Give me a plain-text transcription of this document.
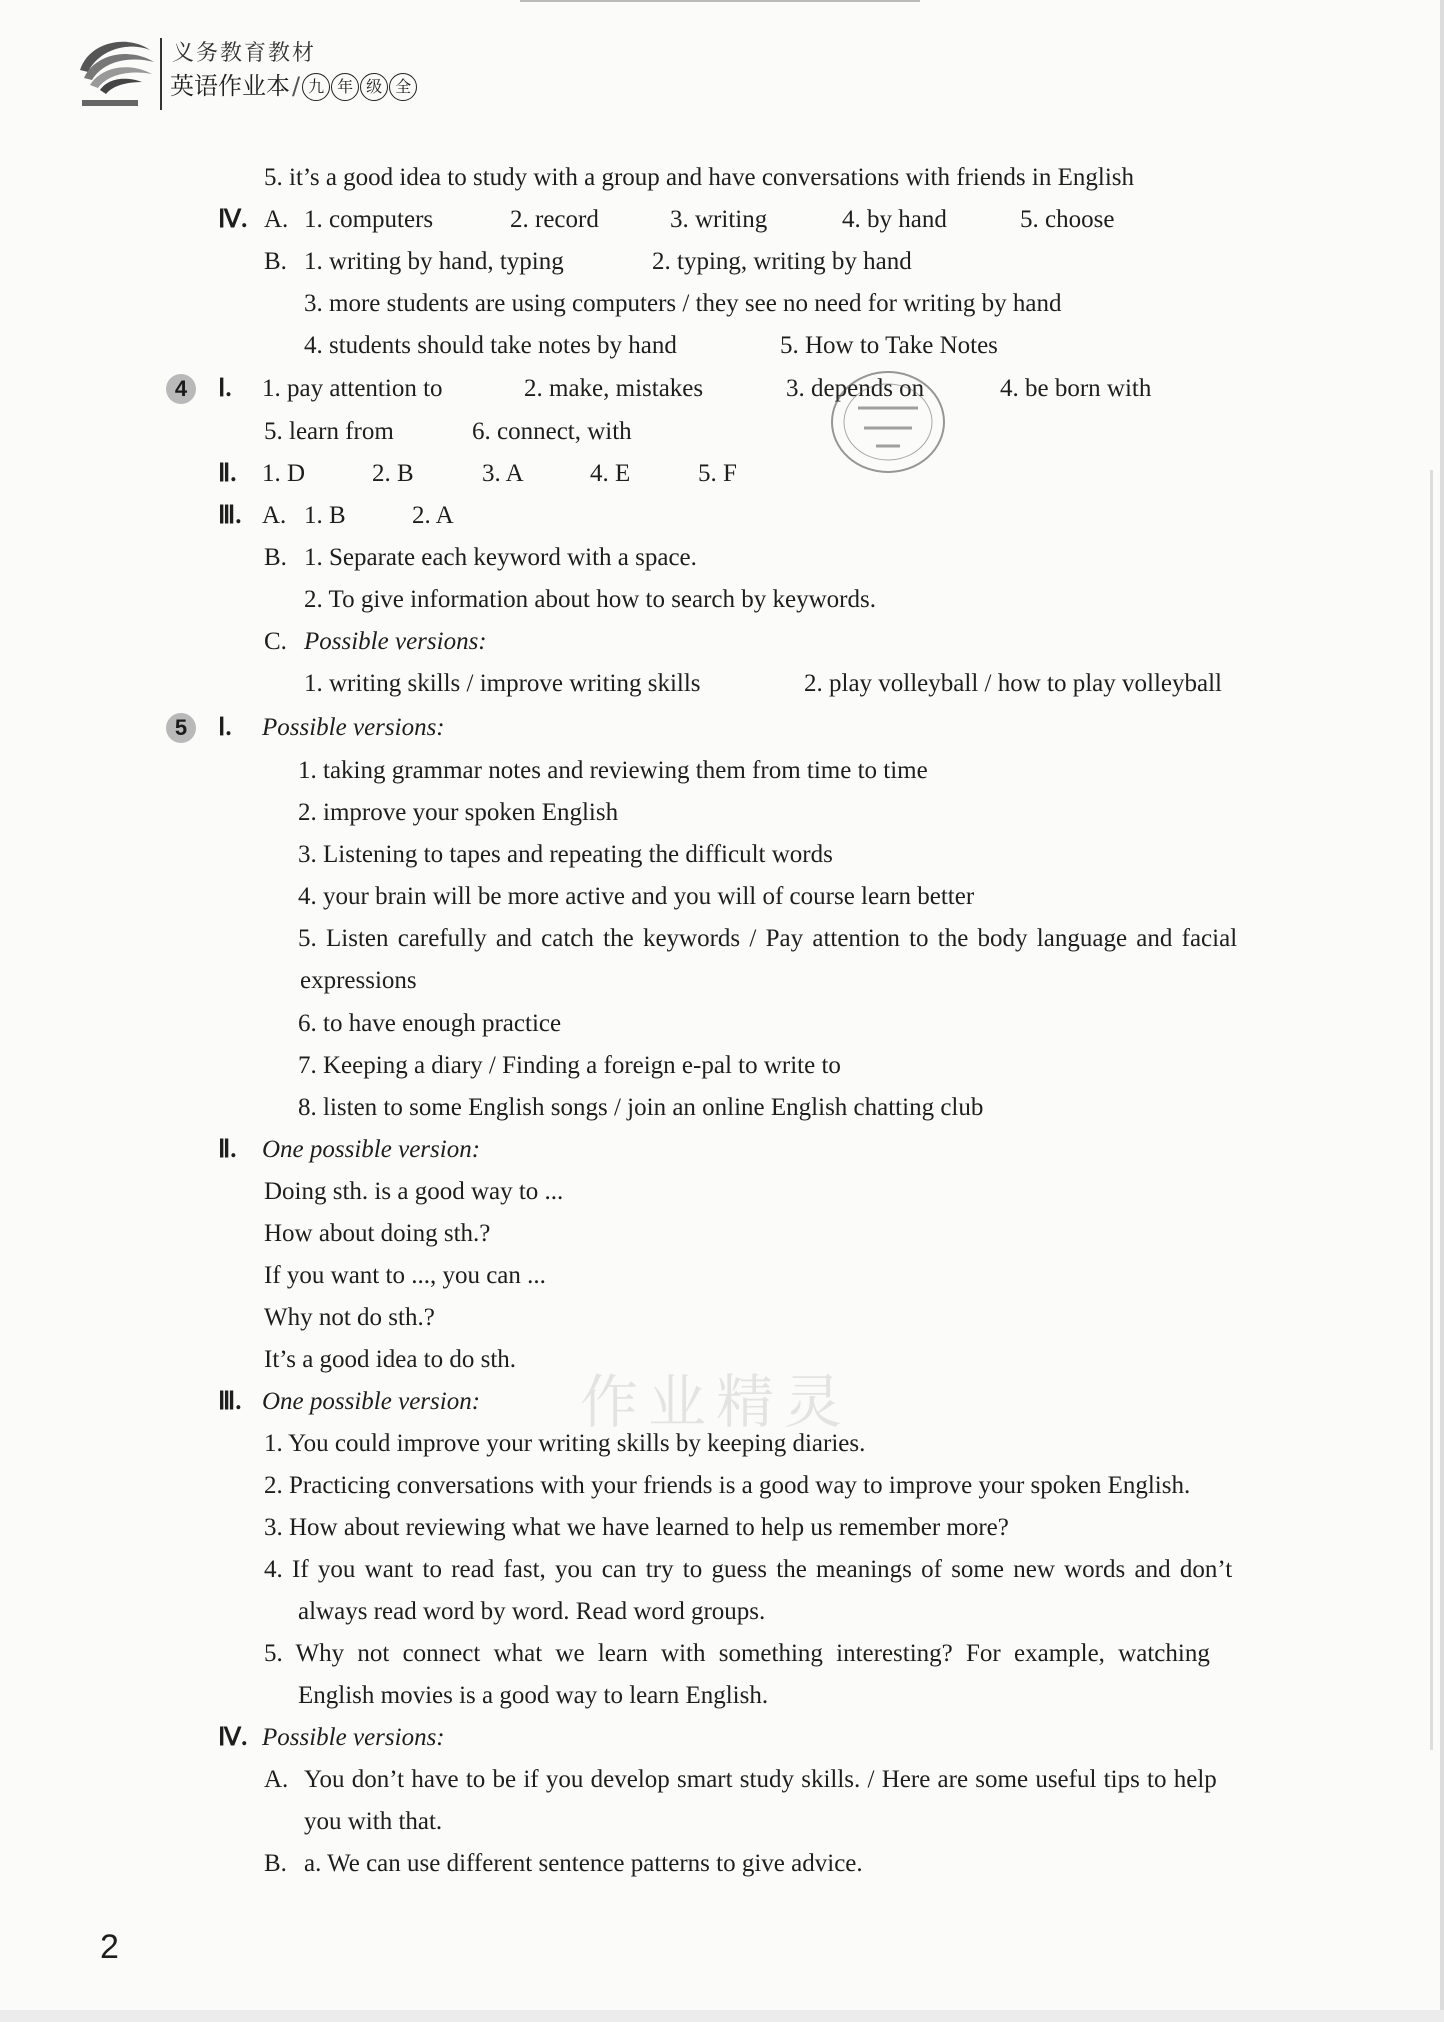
义务教育教材
英语作业本/ 九 年 级 全
5. it’s a good idea to study with a group and have conversations with friends in English
Ⅳ. A. 1. computers	2. record	3. writing	4. by hand	5. choose
B. 1. writing by hand, typing	2. typing, writing by hand
3. more students are using computers / they see no need for writing by hand
4. students should take notes by hand	5. How to Take Notes
4	Ⅰ. 1. pay attention to	2. make, mistakes	3. depends on	4. be born with
5. learn from	6. connect, with
Ⅱ. 1. D	2. B	3. A	4. E	5. F
Ⅲ. A. 1. B	2. A
B. 1. Separate each keyword with a space.
2. To give information about how to search by keywords.
C. Possible versions:
1. writing skills / improve writing skills	2. play volleyball / how to play volleyball
5	Ⅰ. Possible versions:
1. taking grammar notes and reviewing them from time to time
2. improve your spoken English
3. Listening to tapes and repeating the difficult words
4. your brain will be more active and you will of course learn better
5. Listen carefully and catch the keywords / Pay attention to the body language and facial
expressions
6. to have enough practice
7. Keeping a diary / Finding a foreign e-pal to write to
8. listen to some English songs / join an online English chatting club
Ⅱ. One possible version:
Doing sth. is a good way to ...
How about doing sth.?
If you want to ..., you can ...
Why not do sth.?
It’s a good idea to do sth.
作业精灵
Ⅲ. One possible version:
1. You could improve your writing skills by keeping diaries.
2. Practicing conversations with your friends is a good way to improve your spoken English.
3. How about reviewing what we have learned to help us remember more?
4. If you want to read fast, you can try to guess the meanings of some new words and don’t
always read word by word. Read word groups.
5. Why not connect what we learn with something interesting? For example, watching
English movies is a good way to learn English.
Ⅳ. Possible versions:
A. You don’t have to be if you develop smart study skills. / Here are some useful tips to help
you with that.
B. a. We can use different sentence patterns to give advice.
2
